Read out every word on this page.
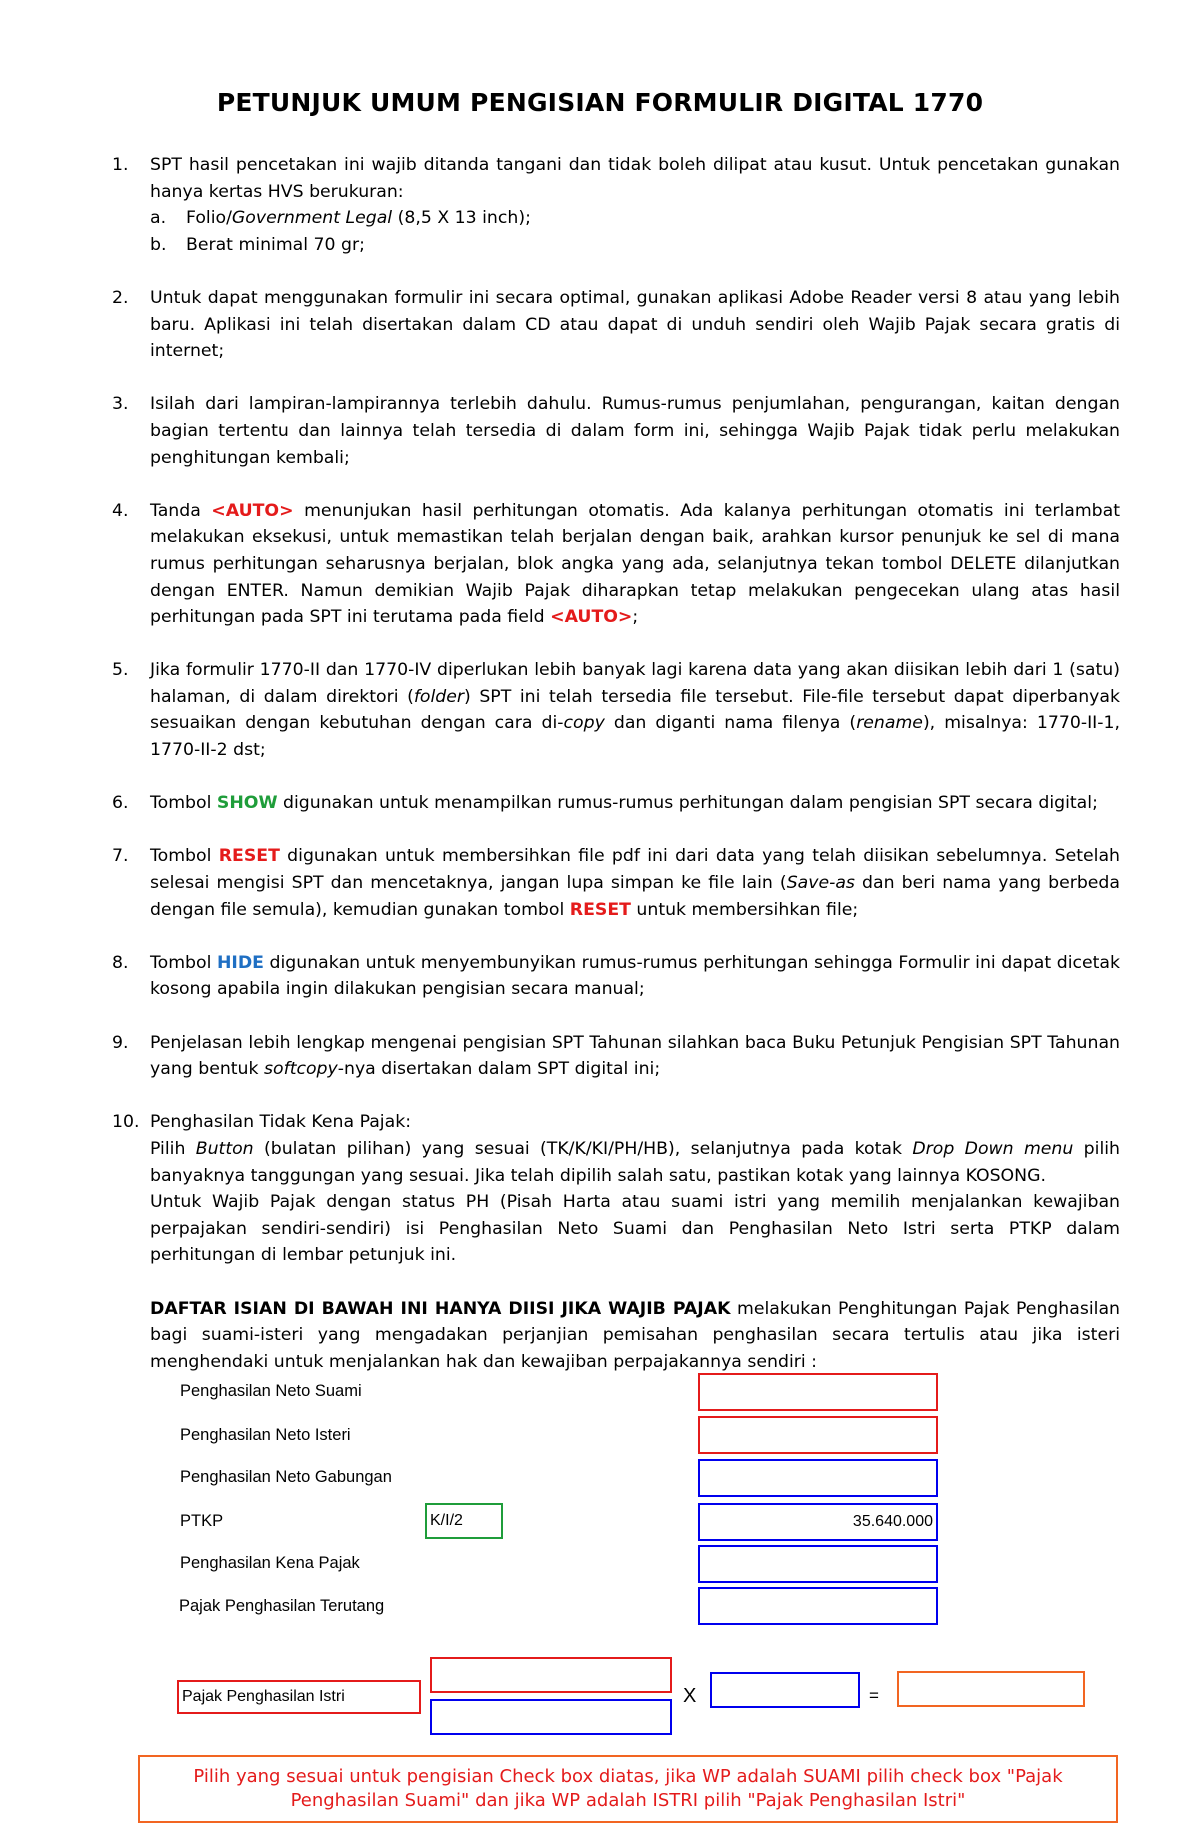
PETUNJUK UMUM PENGISIAN FORMULIR DIGITAL 1770
1. SPT hasil pencetakan ini wajib ditanda tangani dan tidak boleh dilipat atau kusut. Untuk pencetakan gunakan hanya kertas HVS berukuran:

a. Folio/Government Legal (8,5 X 13 inch);
b. Berat minimal 70 gr;
2. Untuk dapat menggunakan formulir ini secara optimal, gunakan aplikasi Adobe Reader versi 8 atau yang lebih baru. Aplikasi ini telah disertakan dalam CD atau dapat di unduh sendiri oleh Wajib Pajak secara gratis di internet;

3. Isilah dari lampiran-lampirannya terlebih dahulu. Rumus-rumus penjumlahan, pengurangan, kaitan dengan bagian tertentu dan lainnya telah tersedia di dalam form ini, sehingga Wajib Pajak tidak perlu melakukan penghitungan kembali;

4. Tanda <AUTO> menunjukan hasil perhitungan otomatis. Ada kalanya perhitungan otomatis ini terlambat melakukan eksekusi, untuk memastikan telah berjalan dengan baik, arahkan kursor penunjuk ke sel di mana rumus perhitungan seharusnya berjalan, blok angka yang ada, selanjutnya tekan tombol DELETE dilanjutkan dengan ENTER. Namun demikian Wajib Pajak diharapkan tetap melakukan pengecekan ulang atas hasil perhitungan pada SPT ini terutama pada field <AUTO>;

5. Jika formulir 1770-II dan 1770-IV diperlukan lebih banyak lagi karena data yang akan diisikan lebih dari 1 (satu) halaman, di dalam direktori (folder) SPT ini telah tersedia file tersebut. File-file tersebut dapat diperbanyak sesuaikan dengan kebutuhan dengan cara di-copy dan diganti nama filenya (rename), misalnya: 1770-II-1, 1770-II-2 dst;

6. Tombol SHOW digunakan untuk menampilkan rumus-rumus perhitungan dalam pengisian SPT secara digital;

7. Tombol RESET digunakan untuk membersihkan file pdf ini dari data yang telah diisikan sebelumnya. Setelah selesai mengisi SPT dan mencetaknya, jangan lupa simpan ke file lain (Save-as dan beri nama yang berbeda dengan file semula), kemudian gunakan tombol RESET untuk membersihkan file;

8. Tombol HIDE digunakan untuk menyembunyikan rumus-rumus perhitungan sehingga Formulir ini dapat dicetak kosong apabila ingin dilakukan pengisian secara manual;

9. Penjelasan lebih lengkap mengenai pengisian SPT Tahunan silahkan baca Buku Petunjuk Pengisian SPT Tahunan yang bentuk softcopy-nya disertakan dalam SPT digital ini;

10. Penghasilan Tidak Kena Pajak:

Pilih Button (bulatan pilihan) yang sesuai (TK/K/KI/PH/HB), selanjutnya pada kotak Drop Down menu pilih banyaknya tanggungan yang sesuai. Jika telah dipilih salah satu, pastikan kotak yang lainnya KOSONG.

Untuk Wajib Pajak dengan status PH (Pisah Harta atau suami istri yang memilih menjalankan kewajiban perpajakan sendiri-sendiri) isi Penghasilan Neto Suami dan Penghasilan Neto Istri serta PTKP dalam perhitungan di lembar petunjuk ini.

DAFTAR ISIAN DI BAWAH INI HANYA DIISI JIKA WAJIB PAJAK melakukan Penghitungan Pajak Penghasilan bagi suami-isteri yang mengadakan perjanjian pemisahan penghasilan secara tertulis atau jika isteri menghendaki untuk menjalankan hak dan kewajiban perpajakannya sendiri :

Penghasilan Neto Suami
Penghasilan Neto Isteri
Penghasilan Neto Gabungan
PTKP	K/I/2	35.640.000
Penghasilan Kena Pajak
Pajak Penghasilan Terutang
Pajak Penghasilan Istri	X	=
Pilih yang sesuai untuk pengisian Check box diatas, jika WP adalah SUAMI pilih check box "Pajak Penghasilan Suami" dan jika WP adalah ISTRI pilih "Pajak Penghasilan Istri"
